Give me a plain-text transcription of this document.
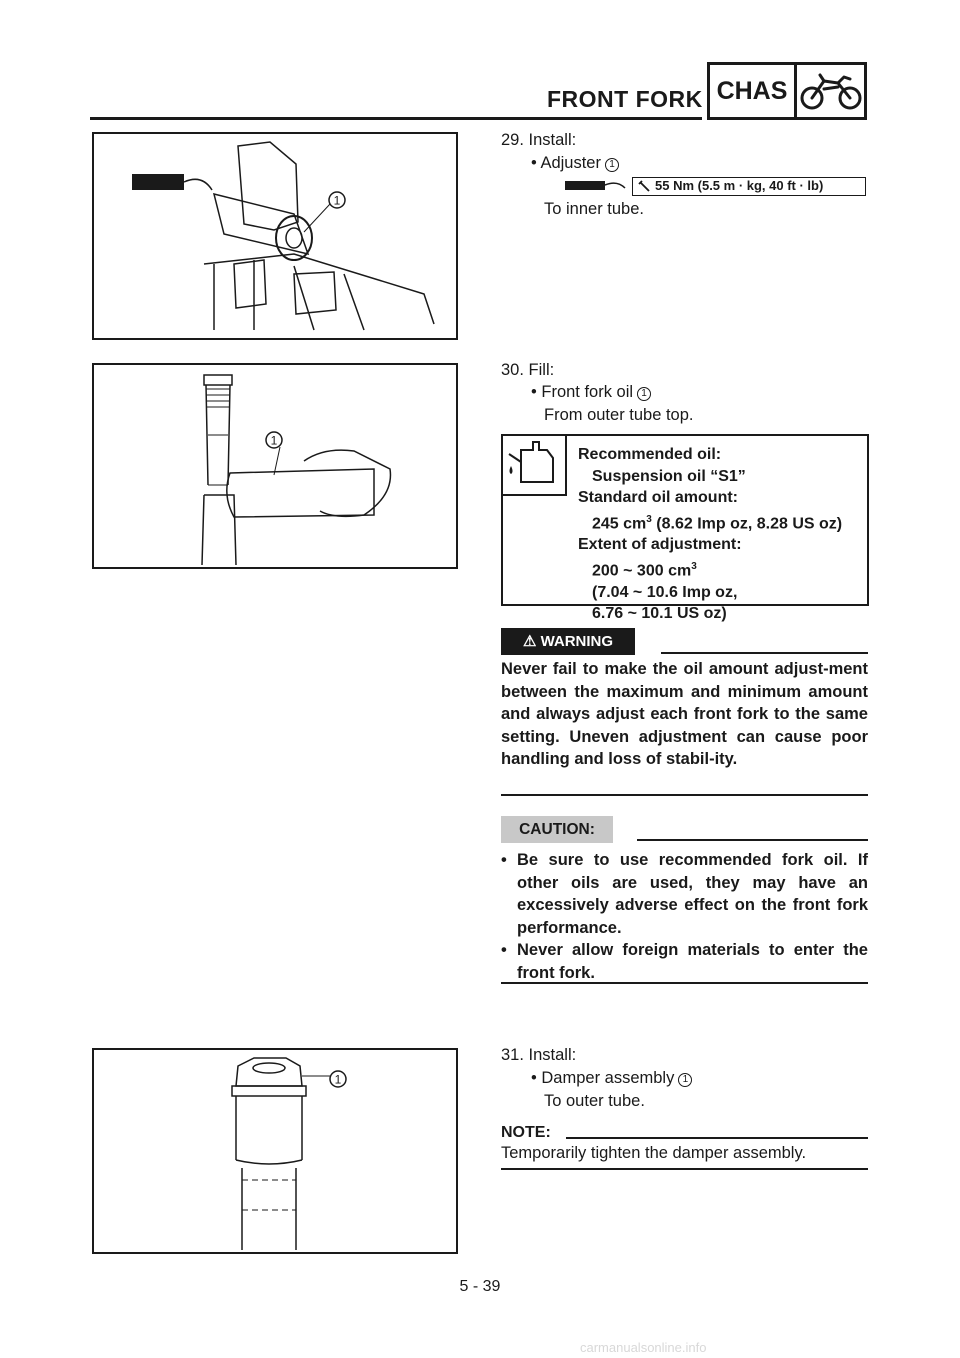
FRONT FORK CHAS
1
1
1
29. Install:
• Adjuster 1
55 Nm (5.5 m · kg, 40 ft · lb)
To inner tube.
30. Fill:
• Front fork oil 1
From outer tube top.
Recommended oil:
Suspension oil “S1”
Standard oil amount:
245 $cm^3$ (8.62 Imp oz, 8.28 US oz)
Extent of adjustment:
200 ~ 300 $cm^3$
(7.04 ~ 10.6 Imp oz,
6.76 ~ 10.1 US oz)
⚠ WARNING
Never fail to make the oil amount adjust-ment between the maximum and minimum amount and always adjust each front fork to the same setting. Uneven adjustment can cause poor handling and loss of stabil-ity.
CAUTION:
• Be sure to use recommended fork oil. If other oils are used, they may have an excessively adverse effect on the front fork performance.
• Never allow foreign materials to enter the front fork.
31. Install:
• Damper assembly 1
To outer tube.
NOTE:
Temporarily tighten the damper assembly.
5 - 39
carmanualsonline.info
